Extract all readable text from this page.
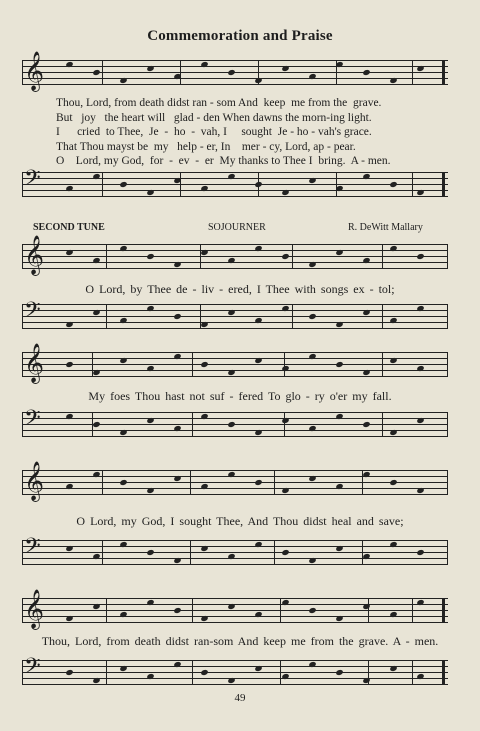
Commemoration and Praise
𝄞
Thou, Lord, from death didst ran - som And  keep  me from the  grave.
But   joy   the heart will   glad - den When dawns the morn-ing light.
I      cried  to Thee,  Je  -  ho  -  vah, I     sought  Je - ho - vah's grace.
That Thou mayst be  my   help - er, In    mer - cy, Lord, ap - pear.
O    Lord, my God,  for  -  ev  -  er  My thanks to Thee I  bring.  A - men.
𝄢
SECOND TUNE	SOJOURNER	R. DeWitt Mallary
𝄞
O Lord, by Thee de - liv - ered, I Thee with songs ex - tol;
𝄢
𝄞
My foes Thou hast not suf - fered To glo - ry o'er my fall.
𝄢
𝄞
O Lord, my God, I sought Thee, And Thou didst heal and save;
𝄢
𝄞
Thou, Lord, from death didst ran-som And keep me from the grave. A - men.
𝄢
49
